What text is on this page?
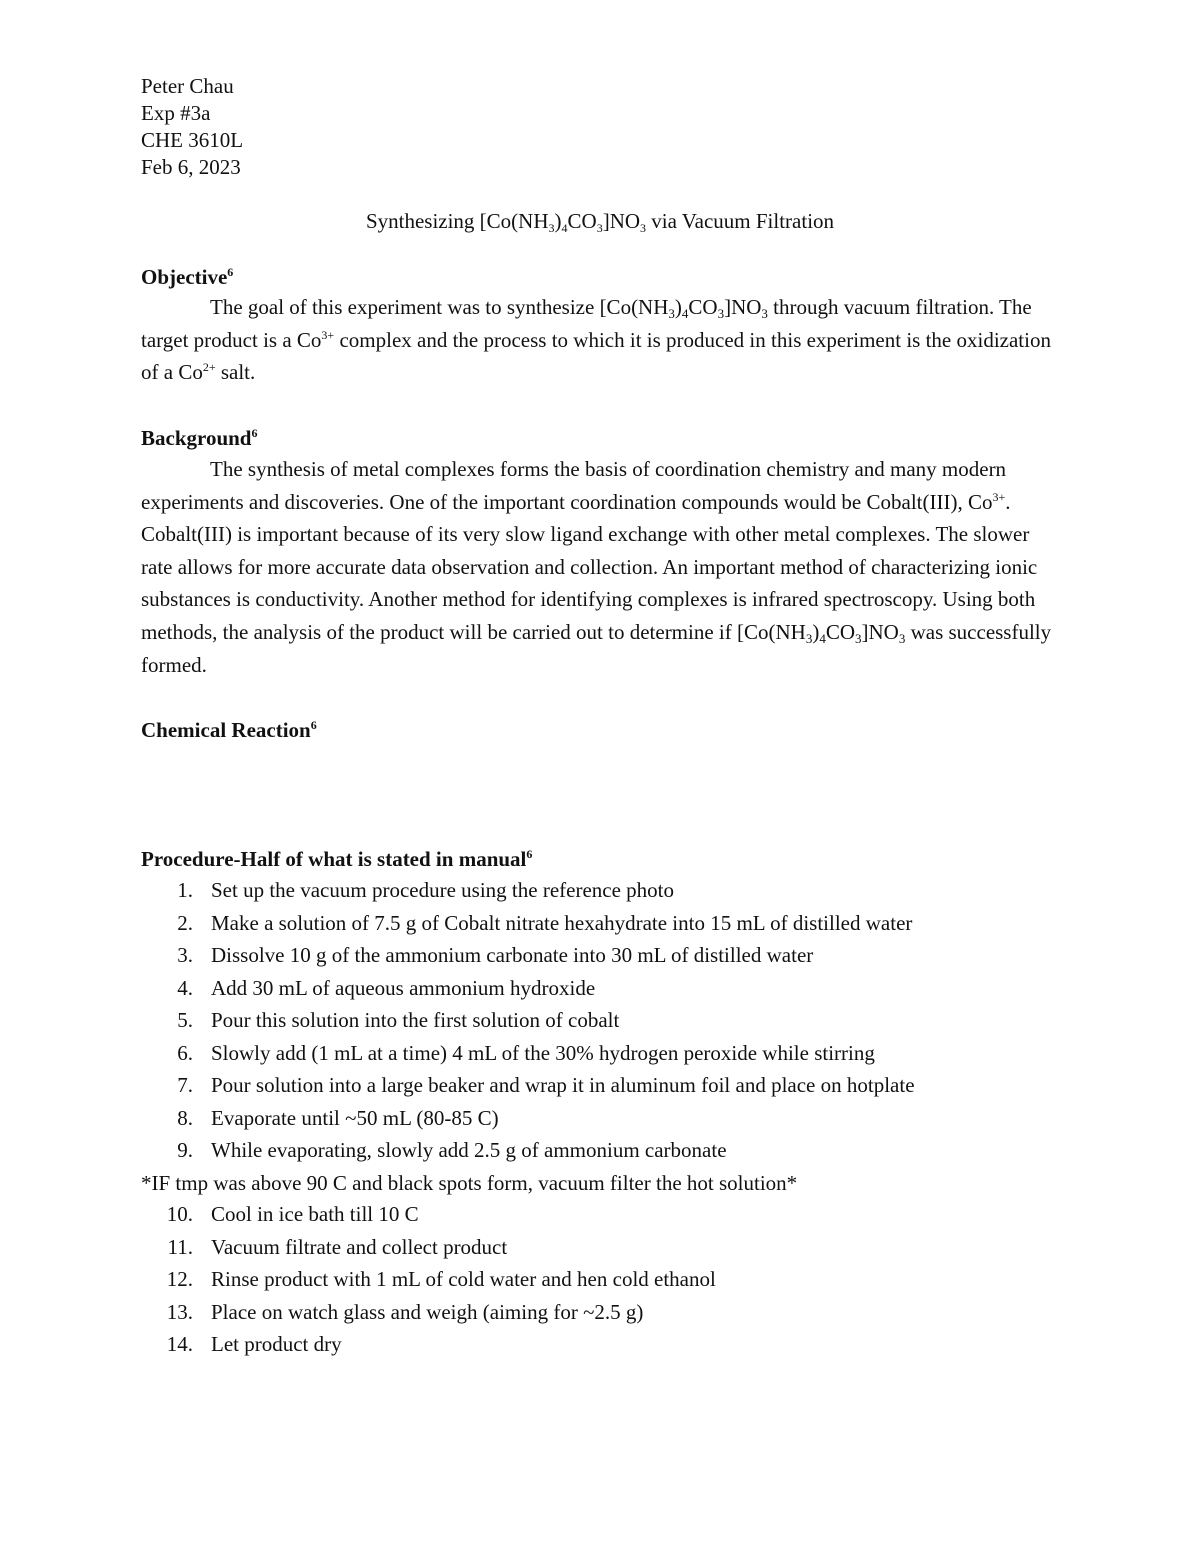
Peter Chau
Exp #3a
CHE 3610L
Feb 6, 2023
Synthesizing $[Co(NH_3)_4CO_3]NO_3$ via Vacuum Filtration
Objective$^6$

The goal of this experiment was to synthesize $[Co(NH_3)_4CO_3]NO_3$ through vacuum filtration. The target product is a $Co^{3+}$ complex and the process to which it is produced in this experiment is the oxidization of a $Co^{2+}$ salt.

Background$^6$

The synthesis of metal complexes forms the basis of coordination chemistry and many modern experiments and discoveries. One of the important coordination compounds would be Cobalt(III), $Co^{3+}$. Cobalt(III) is important because of its very slow ligand exchange with other metal complexes. The slower rate allows for more accurate data observation and collection. An important method of characterizing ionic substances is conductivity. Another method for identifying complexes is infrared spectroscopy. Using both methods, the analysis of the product will be carried out to determine if $[Co(NH_3)_4CO_3]NO_3$ was successfully formed.

Chemical Reaction$^6$
Procedure-Half of what is stated in manual$^6$
1. Set up the vacuum procedure using the reference photo
2. Make a solution of 7.5 g of Cobalt nitrate hexahydrate into 15 mL of distilled water
3. Dissolve 10 g of the ammonium carbonate into 30 mL of distilled water
4. Add 30 mL of aqueous ammonium hydroxide
5. Pour this solution into the first solution of cobalt
6. Slowly add (1 mL at a time) 4 mL of the 30% hydrogen peroxide while stirring
7. Pour solution into a large beaker and wrap it in aluminum foil and place on hotplate
8. Evaporate until ~50 mL (80-85 C)
9. While evaporating, slowly add 2.5 g of ammonium carbonate
*IF tmp was above 90 C and black spots form, vacuum filter the hot solution*
10. Cool in ice bath till 10 C
11. Vacuum filtrate and collect product
12. Rinse product with 1 mL of cold water and hen cold ethanol
13. Place on watch glass and weigh (aiming for ~2.5 g)
14. Let product dry
